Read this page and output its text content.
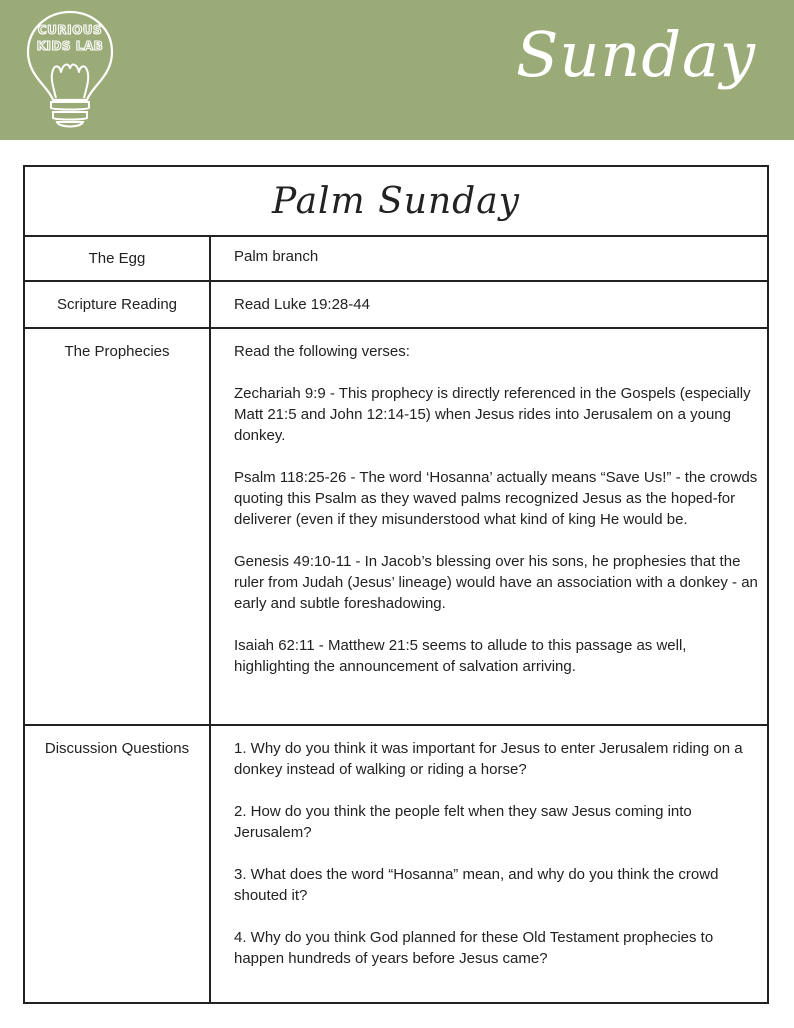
CURIOUS
KIDS LAB	Sunday
Palm Sunday
The Egg	Palm branch

Scripture Reading	Read Luke 19:28-44

The Prophecies	Read the following verses:

Zechariah 9:9 - This prophecy is directly referenced in the Gospels (especially Matt 21:5 and John 12:14-15) when Jesus rides into Jerusalem on a young donkey.

Psalm 118:25-26 - The word ‘Hosanna’ actually means “Save Us!” - the crowds quoting this Psalm as they waved palms recognized Jesus as the hoped-for deliverer (even if they misunderstood what kind of king He would be.

Genesis 49:10-11 - In Jacob’s blessing over his sons, he prophesies that the ruler from Judah (Jesus’ lineage) would have an association with a donkey - an early and subtle foreshadowing.

Isaiah 62:11 - Matthew 21:5 seems to allude to this passage as well, highlighting the announcement of salvation arriving.

Discussion Questions	1. Why do you think it was important for Jesus to enter Jerusalem riding on a donkey instead of walking or riding a horse?

2. How do you think the people felt when they saw Jesus coming into Jerusalem?

3. What does the word “Hosanna” mean, and why do you think the crowd shouted it?

4. Why do you think God planned for these Old Testament prophecies to happen hundreds of years before Jesus came?
